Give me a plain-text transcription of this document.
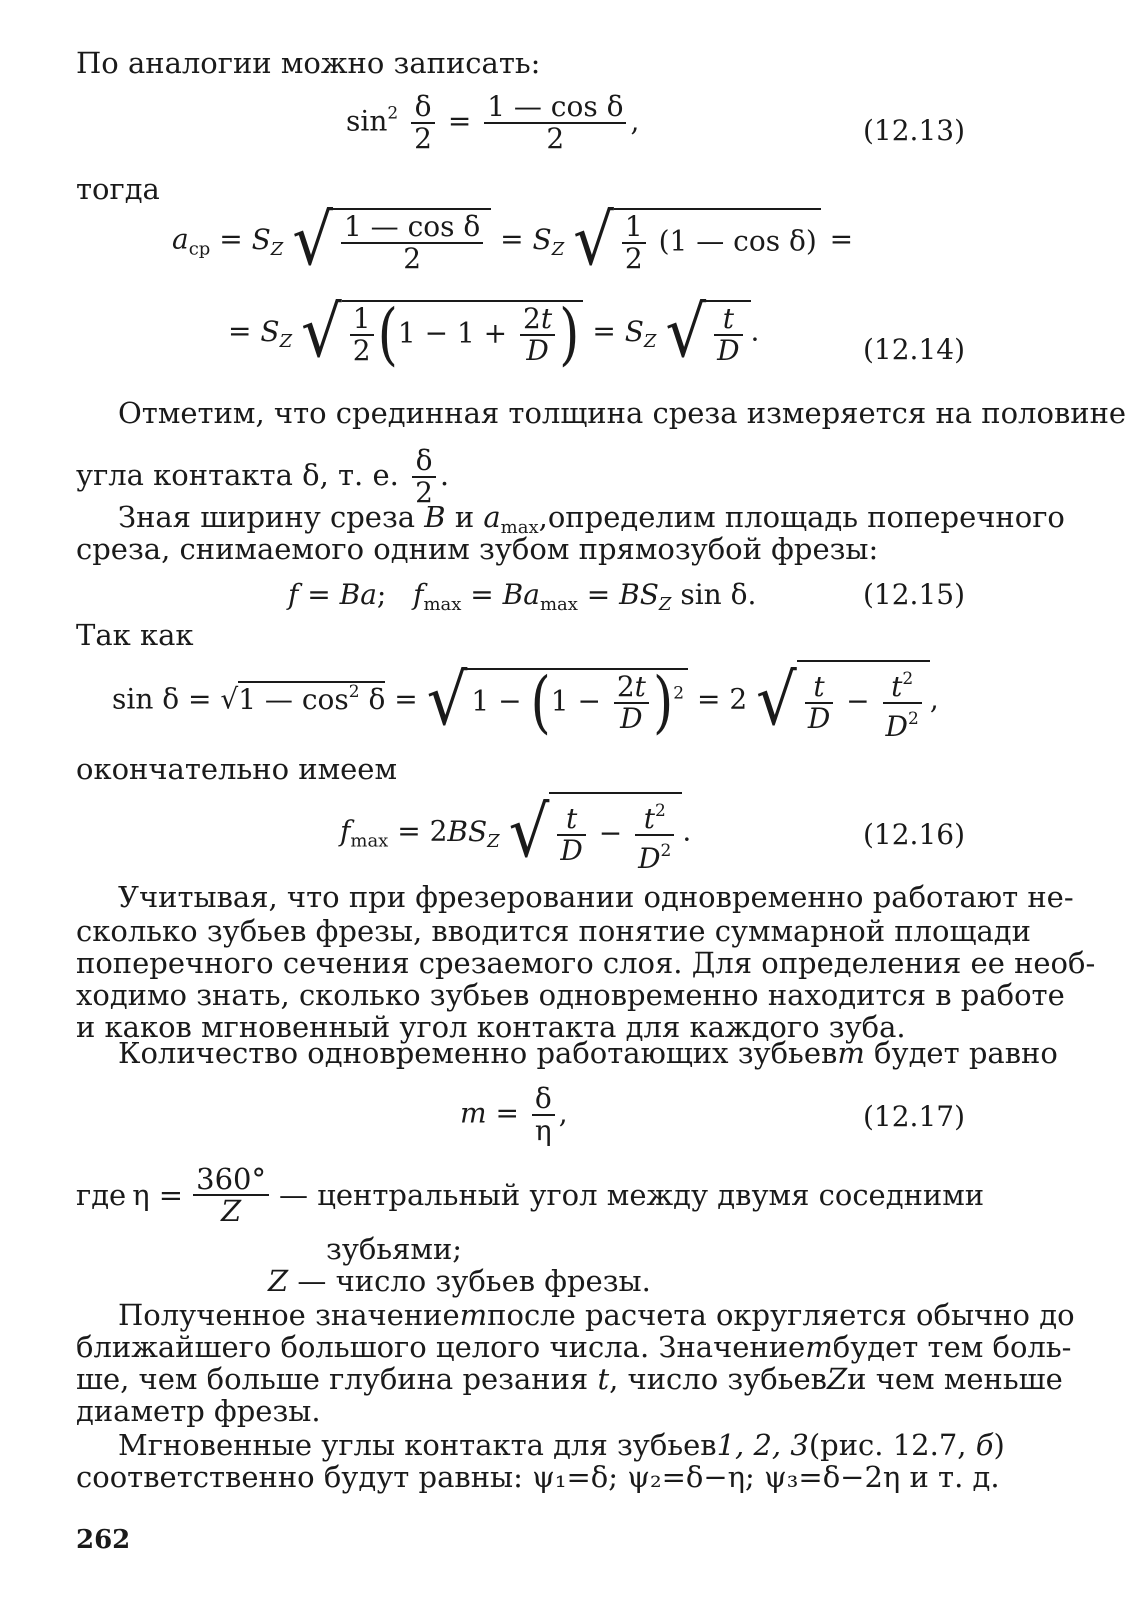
По аналогии можно записать:
$\sin^2 \frac{\delta}{2} = \frac{\text{1 — cos δ}}{2}$ ,	(12.13)
тогда
$a_{ср} = S_Z$ √ $\frac{\text{1 — cos δ}}{2} = S_Z$ √ $\frac{1}{2} (1$ — cos δ) =
= $S_Z$ √ $\frac{1}{2} (1 - 1 + \frac{2t}{D}$ ) = $S_Z$ √ $\frac{t}{D}$ .
(12.14)
Отметим, что срединная толщина среза измеряется на половине
угла контакта δ, т. е. $\frac{\delta}{2}$ .
Зная ширину среза B и $a_{max}$, определим площадь поперечного
среза, снимаемого одним зубом прямозубой фрезы:
f = Ba;   $f_{max} = Ba_{max} = BS_Z$ sin δ.	(12.15)
Так как
sin δ = √1 — $\cos^2 \delta$ = √ $1 - (1 - \frac{2t}{D} )^2 = 2$ √ $\frac{t}{D} - \frac{t^2}{D^2}$ ,
окончательно имеем
$f_{max} = 2BS_Z$ √ $\frac{t}{D} - \frac{t^2}{D^2}$ .	(12.16)
Учитывая, что при фрезеровании одновременно работают не-
сколько зубьев фрезы, вводится понятие суммарной площади
поперечного сечения срезаемого слоя. Для определения ее необ-
ходимо знать, сколько зубьев одновременно находится в работе
и каков мгновенный угол контакта для каждого зуба.
Количество одновременно работающих зубьев m будет равно
$m = \frac{\delta}{\eta}$ ,	(12.17)
где $\eta = \frac{360^\circ}{Z}$ — центральный угол между двумя соседними
зубьями;
Z — число зубьев фрезы.
Полученное значение m после расчета округляется обычно до
ближайшего большого целого числа. Значение m будет тем боль-
ше, чем больше глубина резания t, число зубьев Z и чем меньше
диаметр фрезы.
Мгновенные углы контакта для зубьев 1, 2, 3 (рис. 12.7, б)
соответственно будут равны: ψ₁=δ; ψ₂=δ−η; ψ₃=δ−2η и т. д.
262
